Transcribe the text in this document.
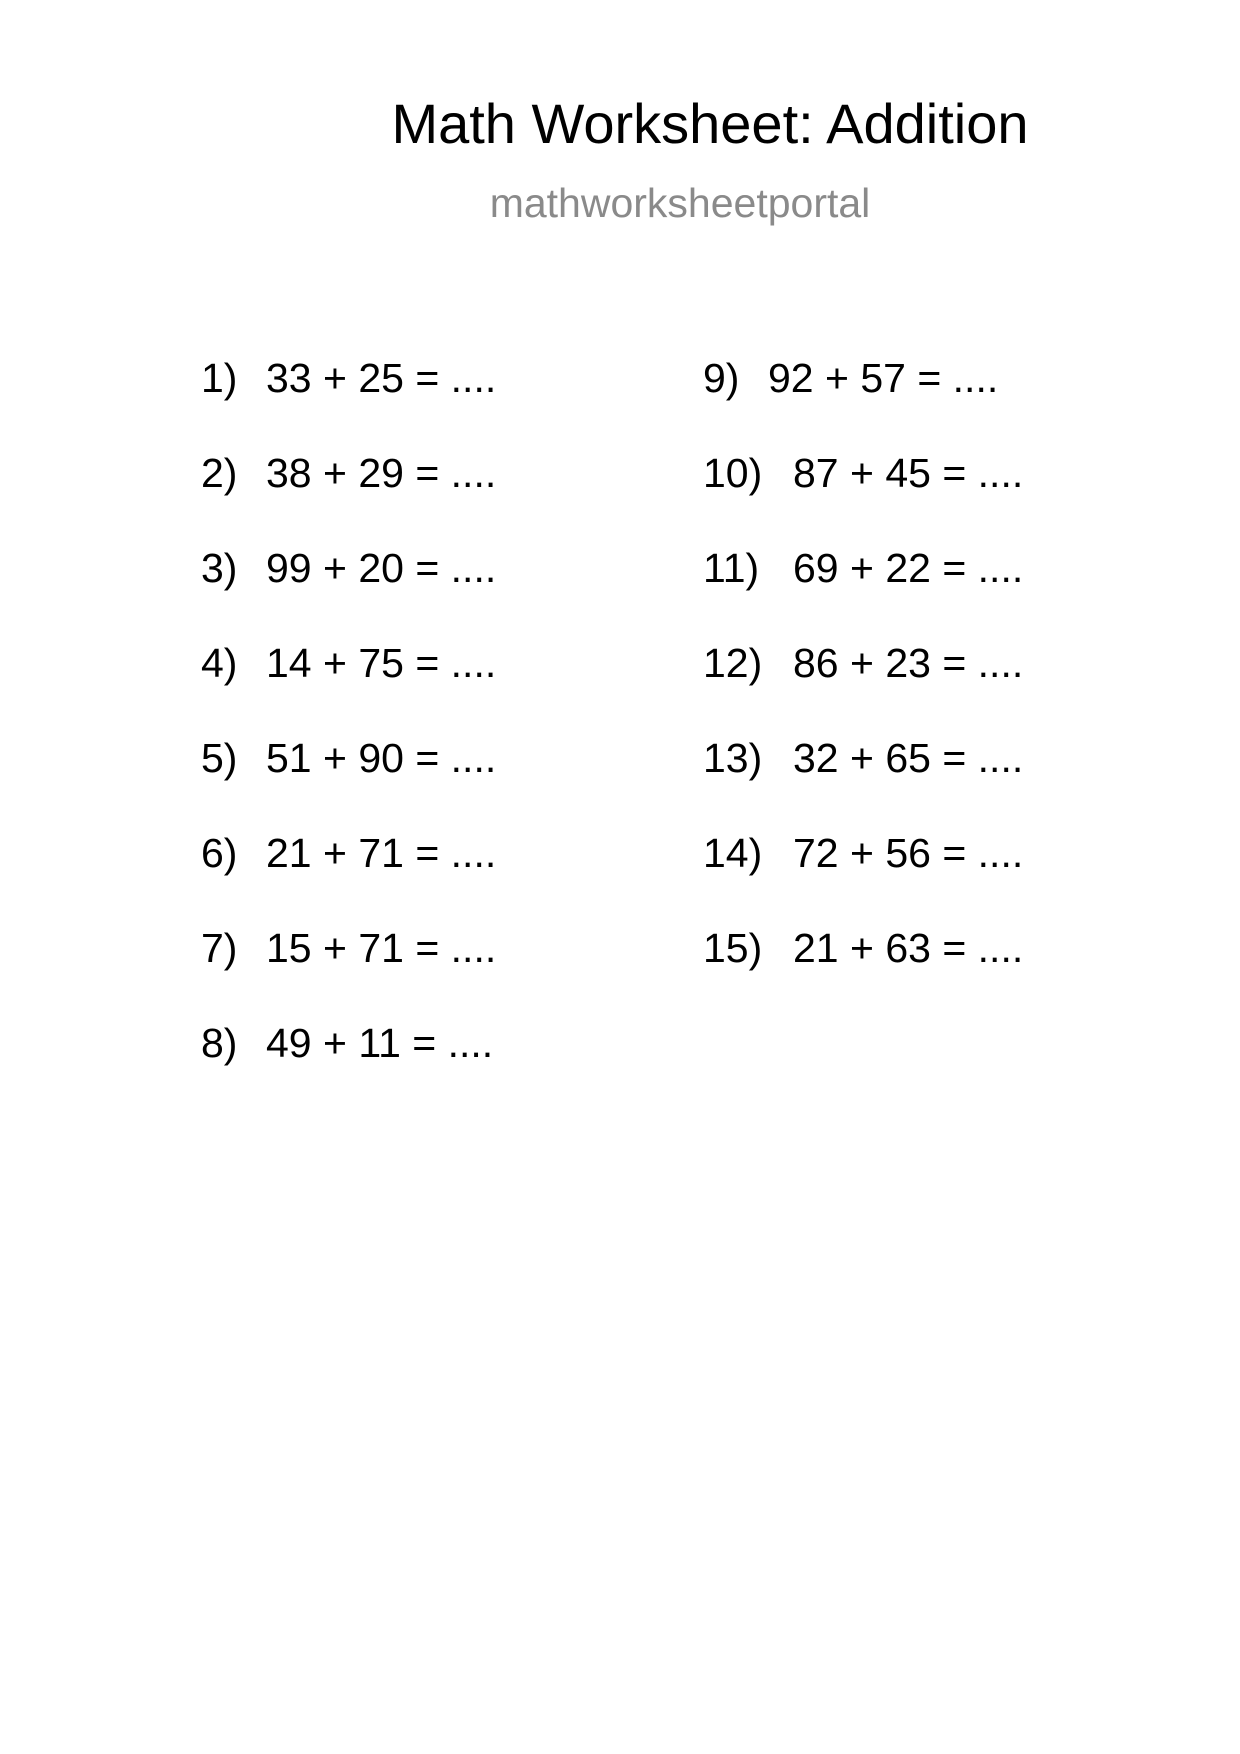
Math Worksheet: Addition
mathworksheetportal
1) 33 + 25 = ....
2) 38 + 29 = ....
3) 99 + 20 = ....
4) 14 + 75 = ....
5) 51 + 90 = ....
6) 21 + 71 = ....
7) 15 + 71 = ....
8) 49 + 11 = ....
9) 92 + 57 = ....
10) 87 + 45 = ....
11) 69 + 22 = ....
12) 86 + 23 = ....
13) 32 + 65 = ....
14) 72 + 56 = ....
15) 21 + 63 = ....
